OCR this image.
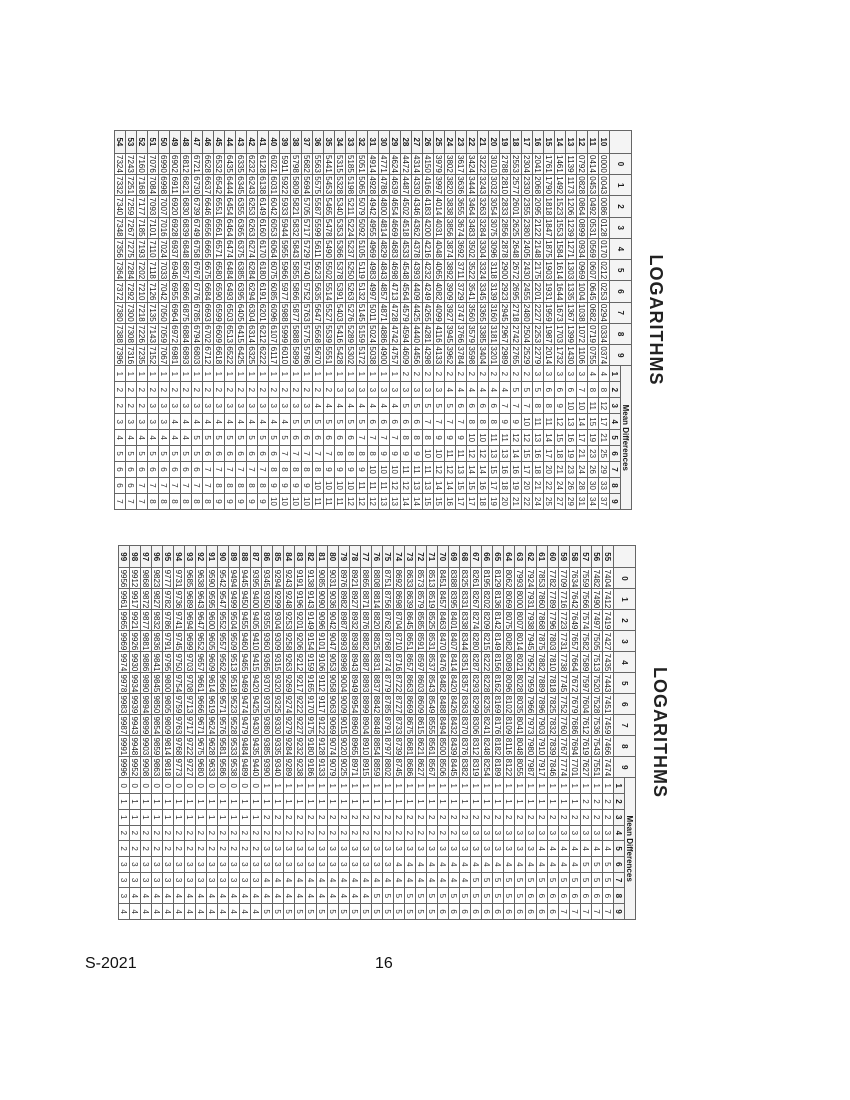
LOGARITHMS
	0	1	2	3	4	5	6	7	8	9	Mean Differences								
											1	2	3	4	5	6	7	8	9
10	0000	0043	0086	0128	0170	0212	0253	0294	0334	0374	4	8	12	17	21	25	29	33	37
11	0414	0453	0492	0531	0569	0607	0645	0682	0719	0755	4	8	11	15	19	23	26	30	34
12	0792	0828	0864	0899	0934	0969	1004	1038	1072	1106	3	7	10	14	17	21	24	28	31
13	1139	1173	1206	1239	1271	1303	1335	1367	1399	1430	3	6	10	13	16	19	23	26	29
14	1461	1492	1523	1553	1584	1614	1644	1673	1703	1732	3	6	9	12	15	18	21	24	27
15	1761	1790	1818	1847	1875	1903	1931	1959	1987	2014	3	6	8	11	14	17	20	22	25
16	2041	2068	2095	2122	2148	2175	2201	2227	2253	2279	3	5	8	11	13	16	18	21	24
17	2304	2330	2355	2380	2405	2430	2455	2480	2504	2529	2	5	7	10	12	15	17	20	22
18	2553	2577	2601	2625	2648	2672	2695	2718	2742	2765	2	5	7	9	12	14	16	19	21
19	2788	2810	2833	2856	2878	2900	2923	2945	2967	2989	2	4	7	9	11	13	16	18	20
20	3010	3032	3054	3075	3096	3118	3139	3160	3181	3201	2	4	6	8	11	13	15	17	19
21	3222	3243	3263	3284	3304	3324	3345	3365	3385	3404	2	4	6	8	10	12	14	16	18
22	3424	3444	3464	3483	3502	3522	3541	3560	3579	3598	2	4	6	8	10	12	14	15	17
23	3617	3636	3655	3674	3692	3711	3729	3747	3766	3784	2	4	6	7	9	11	13	15	17
24	3802	3820	3838	3856	3874	3892	3909	3927	3945	3962	2	4	5	7	9	11	12	14	16
25	3979	3997	4014	4031	4048	4065	4082	4099	4116	4133	2	3	5	7	9	10	12	14	15
26	4150	4166	4183	4200	4216	4232	4249	4265	4281	4298	2	3	5	7	8	10	11	13	15
27	4314	4330	4346	4362	4378	4393	4409	4425	4440	4456	2	3	5	6	8	9	11	13	14
28	4472	4487	4502	4518	4533	4548	4564	4579	4594	4609	2	3	5	6	8	9	11	12	14
29	4624	4639	4654	4669	4683	4698	4713	4728	4742	4757	1	3	4	6	7	9	10	12	13
30	4771	4786	4800	4814	4829	4843	4857	4871	4886	4900	1	3	4	6	7	9	10	11	13
31	4914	4928	4942	4955	4969	4983	4997	5011	5024	5038	1	3	4	6	7	8	10	11	12
32	5051	5065	5079	5092	5105	5119	5132	5145	5159	5172	1	3	4	5	7	8	9	11	12
33	5185	5198	5211	5224	5237	5250	5263	5276	5289	5302	1	3	4	5	6	8	9	10	12
34	5315	5328	5340	5353	5366	5378	5391	5403	5416	5428	1	3	4	5	6	8	9	10	11
35	5441	5453	5465	5478	5490	5502	5514	5527	5539	5551	1	2	4	5	6	7	9	10	11
36	5563	5575	5587	5599	5611	5623	5635	5647	5658	5670	1	2	4	5	6	7	8	10	11
37	5682	5694	5705	5717	5729	5740	5752	5763	5775	5786	1	2	3	5	6	7	8	9	10
38	5798	5809	5821	5832	5843	5855	5866	5877	5888	5899	1	2	3	5	6	7	8	9	10
39	5911	5922	5933	5944	5955	5966	5977	5988	5999	6010	1	2	3	4	5	7	8	9	10
40	6021	6031	6042	6053	6064	6075	6085	6096	6107	6117	1	2	3	4	5	6	8	9	10
41	6128	6138	6149	6160	6170	6180	6191	6201	6212	6222	1	2	3	4	5	6	7	8	9
42	6232	6243	6253	6263	6274	6284	6294	6304	6314	6325	1	2	3	4	5	6	7	8	9
43	6335	6345	6355	6365	6375	6385	6395	6405	6415	6425	1	2	3	4	5	6	7	8	9
44	6435	6444	6454	6464	6474	6484	6493	6503	6513	6522	1	2	3	4	5	6	7	8	9
45	6532	6542	6551	6561	6571	6580	6590	6599	6609	6618	1	2	3	4	5	6	7	8	9
46	6628	6637	6646	6656	6665	6675	6684	6693	6702	6712	1	2	3	4	5	6	7	7	8
47	6721	6730	6739	6749	6758	6767	6776	6785	6794	6803	1	2	3	4	5	5	6	7	8
48	6812	6821	6830	6839	6848	6857	6866	6875	6884	6893	1	2	3	4	4	5	6	7	8
49	6902	6911	6920	6928	6937	6946	6955	6964	6972	6981	1	2	3	4	4	5	6	7	8
50	6990	6998	7007	7016	7024	7033	7042	7050	7059	7067	1	2	3	3	4	5	6	7	8
51	7076	7084	7093	7101	7110	7118	7126	7135	7143	7152	1	2	3	3	4	5	6	7	8
52	7160	7168	7177	7185	7193	7202	7210	7218	7226	7235	1	2	2	3	4	5	6	7	7
53	7243	7251	7259	7267	7275	7284	7292	7300	7308	7316	1	2	2	3	4	5	6	6	7
54	7324	7332	7340	7348	7356	7364	7372	7380	7388	7396	1	2	2	3	4	5	6	6	7
LOGARITHMS
	0	1	2	3	4	5	6	7	8	9	Mean Differences								
											1	2	3	4	5	6	7	8	9
55	7404	7412	7419	7427	7435	7443	7451	7459	7466	7474	1	2	2	3	4	5	5	6	7
56	7482	7490	7497	7505	7513	7520	7528	7536	7543	7551	1	2	2	3	4	5	5	6	7
57	7559	7566	7574	7582	7589	7597	7604	7612	7619	7627	1	2	2	3	4	5	5	6	7
58	7634	7642	7649	7657	7664	7672	7679	7686	7694	7701	1	1	2	3	4	4	5	6	7
59	7709	7716	7723	7731	7738	7745	7752	7760	7767	7774	1	1	2	3	4	4	5	6	7
60	7782	7789	7796	7803	7810	7818	7825	7832	7839	7846	1	1	2	3	4	4	5	6	6
61	7853	7860	7868	7875	7882	7889	7896	7903	7910	7917	1	1	2	3	4	4	5	6	6
62	7924	7931	7938	7945	7952	7959	7966	7973	7980	7987	1	1	2	3	3	4	5	6	6
63	7993	8000	8007	8014	8021	8028	8035	8041	8048	8055	1	1	2	3	3	4	5	5	6
64	8062	8069	8075	8082	8089	8096	8102	8109	8116	8122	1	1	2	3	3	4	5	5	6
65	8129	8136	8142	8149	8156	8162	8169	8176	8182	8189	1	1	2	3	3	4	5	5	6
66	8195	8202	8209	8215	8222	8228	8235	8241	8248	8254	1	1	2	3	3	4	5	5	6
67	8261	8267	8274	8280	8287	8293	8299	8306	8312	8319	1	1	2	3	3	4	5	5	6
68	8325	8331	8338	8344	8351	8357	8363	8370	8376	8382	1	1	2	3	3	4	4	5	6
69	8388	8395	8401	8407	8414	8420	8426	8432	8439	8445	1	1	2	2	3	4	4	5	6
70	8451	8457	8463	8470	8476	8482	8488	8494	8500	8506	1	1	2	2	3	4	4	5	6
71	8513	8519	8525	8531	8537	8543	8549	8555	8561	8567	1	1	2	2	3	4	4	5	5
72	8573	8579	8585	8591	8597	8603	8609	8615	8621	8627	1	1	2	2	3	4	4	5	5
73	8633	8639	8645	8651	8657	8663	8669	8675	8681	8686	1	1	2	2	3	4	4	5	5
74	8692	8698	8704	8710	8716	8722	8727	8733	8739	8745	1	1	2	2	3	4	4	5	5
75	8751	8756	8762	8768	8774	8779	8785	8791	8797	8802	1	1	2	2	3	3	4	5	5
76	8808	8814	8820	8825	8831	8837	8842	8848	8854	8859	1	1	2	2	3	3	4	5	5
77	8865	8871	8876	8882	8887	8893	8899	8904	8910	8915	1	1	2	2	3	3	4	4	5
78	8921	8927	8932	8938	8943	8949	8954	8960	8965	8971	1	1	2	2	3	3	4	4	5
79	8976	8982	8987	8993	8998	9004	9009	9015	9020	9025	1	1	2	2	3	3	4	4	5
80	9031	9036	9042	9047	9053	9058	9063	9069	9074	9079	1	1	2	2	3	3	4	4	5
81	9085	9090	9096	9101	9106	9112	9117	9122	9128	9133	1	1	2	2	3	3	4	4	5
82	9138	9143	9149	9154	9159	9165	9170	9175	9180	9186	1	1	2	2	3	3	4	4	5
83	9191	9196	9201	9206	9212	9217	9222	9227	9232	9238	1	1	2	2	3	3	4	4	5
84	9243	9248	9253	9258	9263	9269	9274	9279	9284	9289	1	1	2	2	3	3	4	4	5
85	9294	9299	9304	9309	9315	9320	9325	9330	9335	9340	1	1	2	2	3	3	4	4	5
86	9345	9350	9355	9360	9365	9370	9375	9380	9385	9390	1	1	2	2	3	3	4	4	5
87	9395	9400	9405	9410	9415	9420	9425	9430	9435	9440	0	1	1	2	2	3	3	4	4
88	9445	9450	9455	9460	9465	9469	9474	9479	9484	9489	0	1	1	2	2	3	3	4	4
89	9494	9499	9504	9509	9513	9518	9523	9528	9533	9538	0	1	1	2	2	3	3	4	4
90	9542	9547	9552	9557	9562	9566	9571	9576	9581	9586	0	1	1	2	2	3	3	4	4
91	9590	9595	9600	9605	9609	9614	9619	9624	9628	9633	0	1	1	2	2	3	3	4	4
92	9638	9643	9647	9652	9657	9661	9666	9671	9675	9680	0	1	1	2	2	3	3	4	4
93	9685	9689	9694	9699	9703	9708	9713	9717	9722	9727	0	1	1	2	2	3	3	4	4
94	9731	9736	9741	9745	9750	9754	9759	9763	9768	9773	0	1	1	2	2	3	3	4	4
95	9777	9782	9786	9791	9795	9800	9805	9809	9814	9818	0	1	1	2	2	3	3	4	4
96	9823	9827	9832	9836	9841	9845	9850	9854	9859	9863	0	1	1	2	2	3	3	4	4
97	9868	9872	9877	9881	9886	9890	9894	9899	9903	9908	0	1	1	2	2	3	3	4	4
98	9912	9917	9921	9926	9930	9934	9939	9943	9948	9952	0	1	1	2	2	3	3	4	4
99	9956	9961	9965	9969	9974	9978	9983	9987	9991	9996	0	1	1	2	2	3	3	3	4
S-2021	16
